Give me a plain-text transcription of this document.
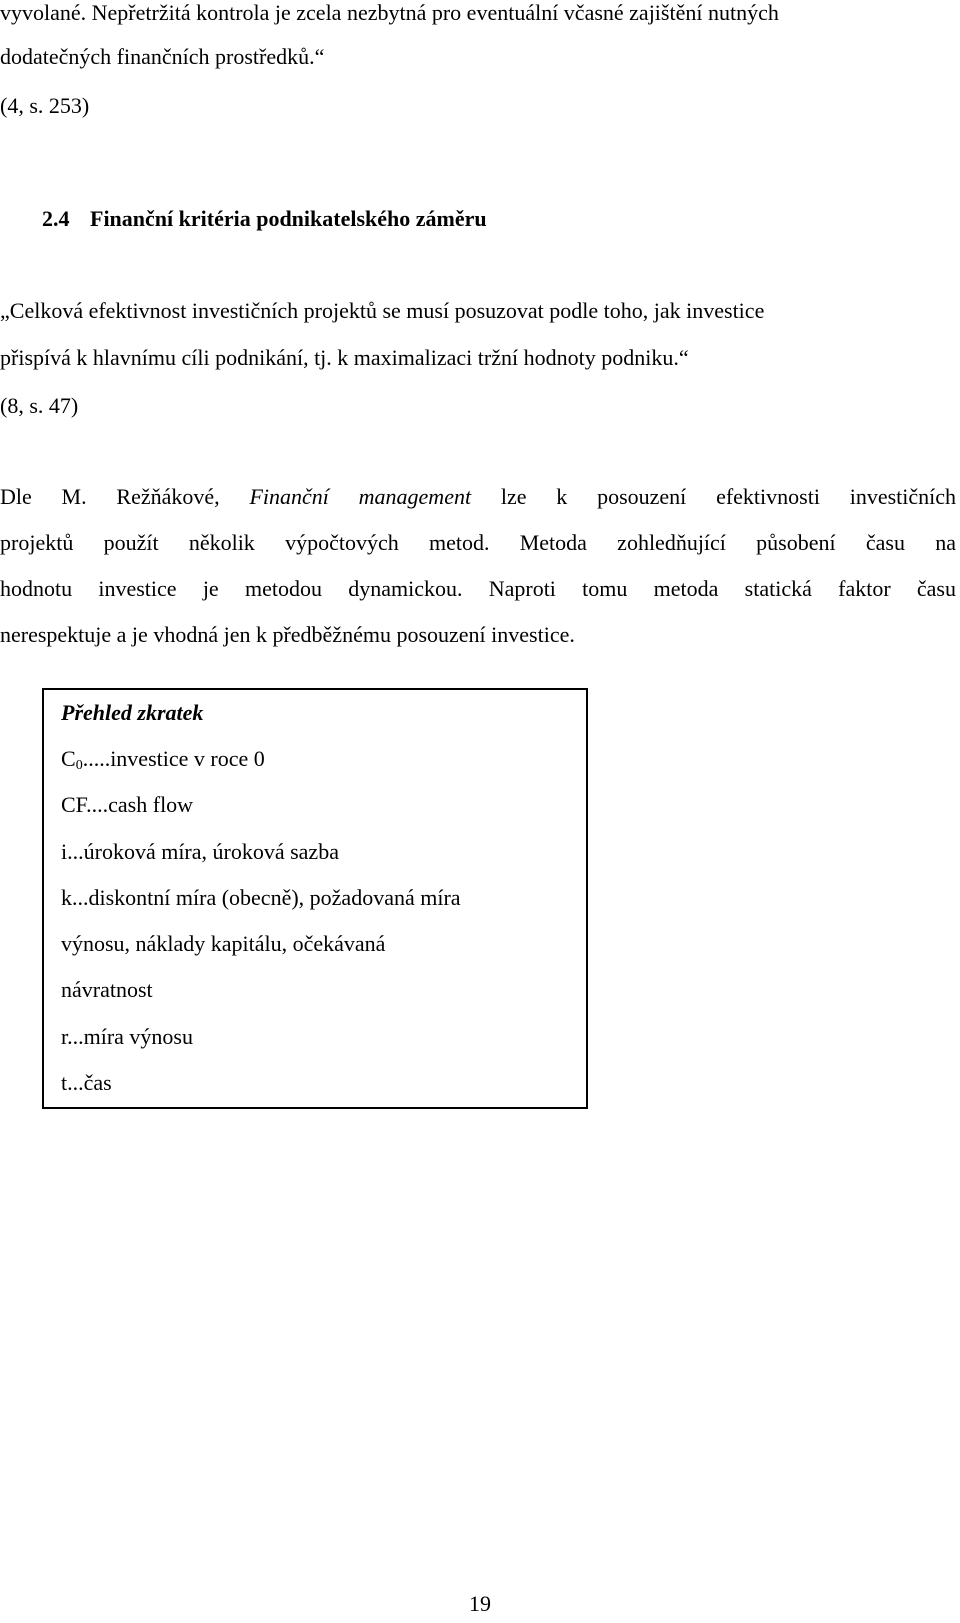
vyvolané. Nepřetržitá kontrola je zcela nezbytná pro eventuální včasné zajištění nutných

dodatečných finančních prostředků.“

(4, s. 253)

2.4 Finanční kritéria podnikatelského záměru

„Celková efektivnost investičních projektů se musí posuzovat podle toho, jak investice

přispívá k hlavnímu cíli podnikání, tj. k maximalizaci tržní hodnoty podniku.“

(8, s. 47)

Dle M. Režňákové, Finanční management lze k posouzení efektivnosti investičních

projektů použít několik výpočtových metod. Metoda zohledňující působení času na

hodnotu investice je metodou dynamickou. Naproti tomu metoda statická faktor času

nerespektuje a je vhodná jen k předběžnému posouzení investice.

Přehled zkratek

$C_0.....investice$ v roce 0

CF....cash flow

i...úroková míra, úroková sazba

k...diskontní míra (obecně), požadovaná míra

výnosu, náklady kapitálu, očekávaná

návratnost

r...míra výnosu

t...čas

19
